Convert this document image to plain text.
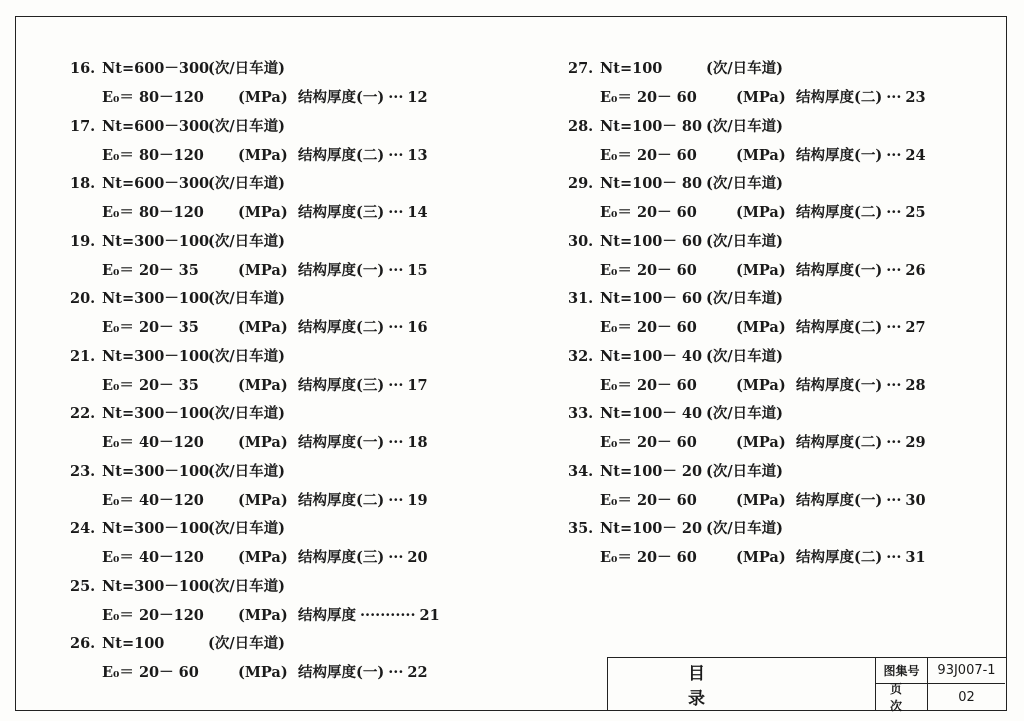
16. Nt=600－300(次/日车道)
E₀＝ 80－120 (MPa) 结构厚度(一) ··· 12
17. Nt=600－300(次/日车道)
E₀＝ 80－120 (MPa) 结构厚度(二) ··· 13
18. Nt=600－300(次/日车道)
E₀＝ 80－120 (MPa) 结构厚度(三) ··· 14
19. Nt=300－100(次/日车道)
E₀＝ 20－ 35	(MPa) 结构厚度(一) ··· 15
20. Nt=300－100(次/日车道)
E₀＝ 20－ 35	(MPa) 结构厚度(二) ··· 16
21. Nt=300－100(次/日车道)
E₀＝ 20－ 35	(MPa) 结构厚度(三) ··· 17
22. Nt=300－100(次/日车道)
E₀＝ 40－120 (MPa) 结构厚度(一) ··· 18
23. Nt=300－100(次/日车道)
E₀＝ 40－120 (MPa) 结构厚度(二) ··· 19
24. Nt=300－100(次/日车道)
E₀＝ 40－120 (MPa) 结构厚度(三) ··· 20
25. Nt=300－100(次/日车道)
E₀＝ 20－120 (MPa) 结构厚度 ··········· 21
26. Nt=100	(次/日车道)
E₀＝ 20－ 60	(MPa) 结构厚度(一) ··· 22
27. Nt=100	(次/日车道)
E₀＝ 20－ 60	(MPa) 结构厚度(二) ··· 23
28. Nt=100－ 80 (次/日车道)
E₀＝ 20－ 60	(MPa) 结构厚度(一) ··· 24
29. Nt=100－ 80 (次/日车道)
E₀＝ 20－ 60	(MPa) 结构厚度(二) ··· 25
30. Nt=100－ 60 (次/日车道)
E₀＝ 20－ 60	(MPa) 结构厚度(一) ··· 26
31. Nt=100－ 60 (次/日车道)
E₀＝ 20－ 60	(MPa) 结构厚度(二) ··· 27
32. Nt=100－ 40 (次/日车道)
E₀＝ 20－ 60	(MPa) 结构厚度(一) ··· 28
33. Nt=100－ 40 (次/日车道)
E₀＝ 20－ 60	(MPa) 结构厚度(二) ··· 29
34. Nt=100－ 20 (次/日车道)
E₀＝ 20－ 60	(MPa) 结构厚度(一) ··· 30
35. Nt=100－ 20 (次/日车道)
E₀＝ 20－ 60	(MPa) 结构厚度(二) ··· 31
目录
图集号	93J007-1
页次
02
